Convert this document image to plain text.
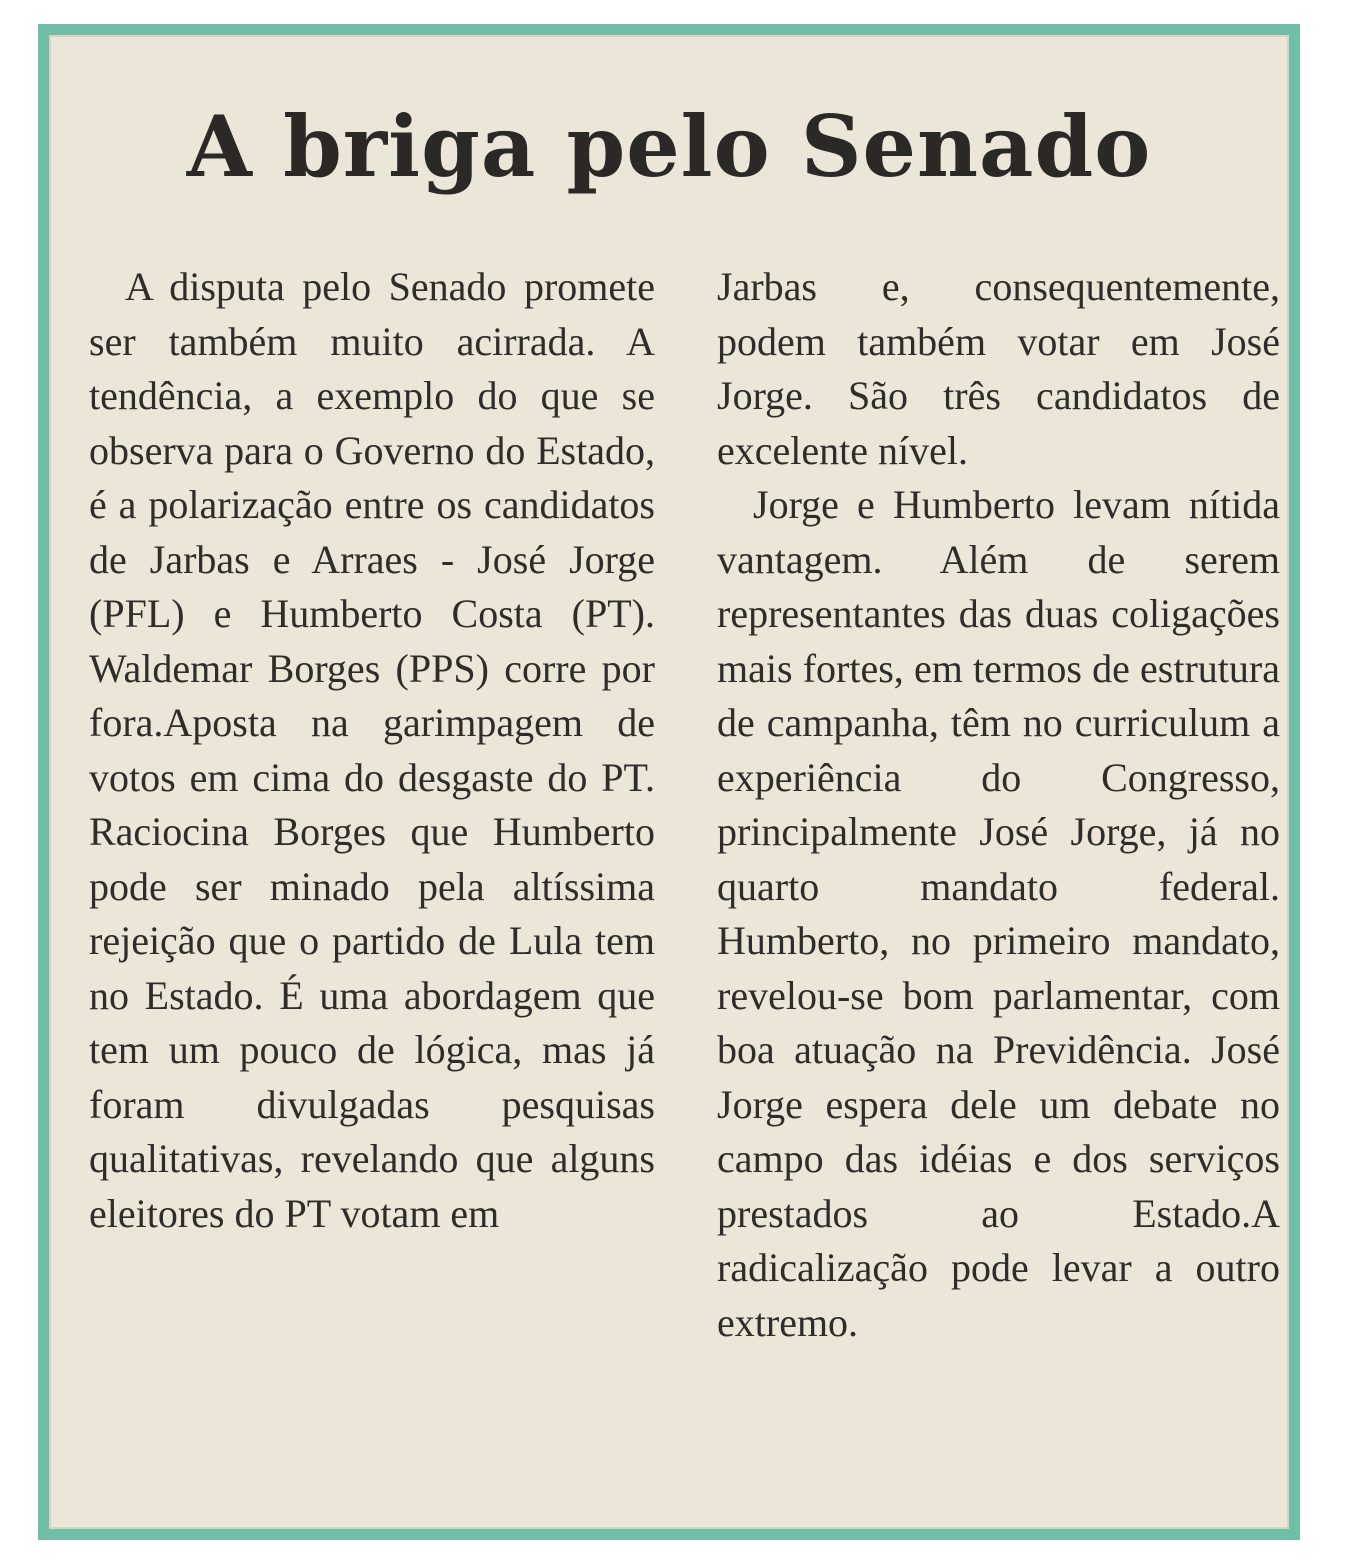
A briga pelo Senado

A disputa pelo Senado promete ser também muito acirrada. A tendência, a exemplo do que se observa para o Governo do Estado, é a polarização entre os candidatos de Jarbas e Arraes - José Jorge (PFL) e Humberto Costa (PT). Waldemar Borges (PPS) corre por fora.Aposta na garimpagem de votos em cima do desgaste do PT. Raciocina Borges que Humberto pode ser minado pela altíssima rejeição que o partido de Lula tem no Estado. É uma abordagem que tem um pouco de lógica, mas já foram divulgadas pesquisas qualitativas, revelando que alguns eleitores do PT votam em

Jarbas e, consequentemente, podem também votar em José Jorge. São três candidatos de excelente nível.

Jorge e Humberto levam nítida vantagem. Além de serem representantes das duas coligações mais fortes, em termos de estrutura de campanha, têm no curriculum a experiência do Congresso, principalmente José Jorge, já no quarto mandato federal. Humberto, no primeiro mandato, revelou-se bom parlamentar, com boa atuação na Previdência. José Jorge espera dele um debate no campo das idéias e dos serviços prestados ao Estado.A radicalização pode levar a outro extremo.
